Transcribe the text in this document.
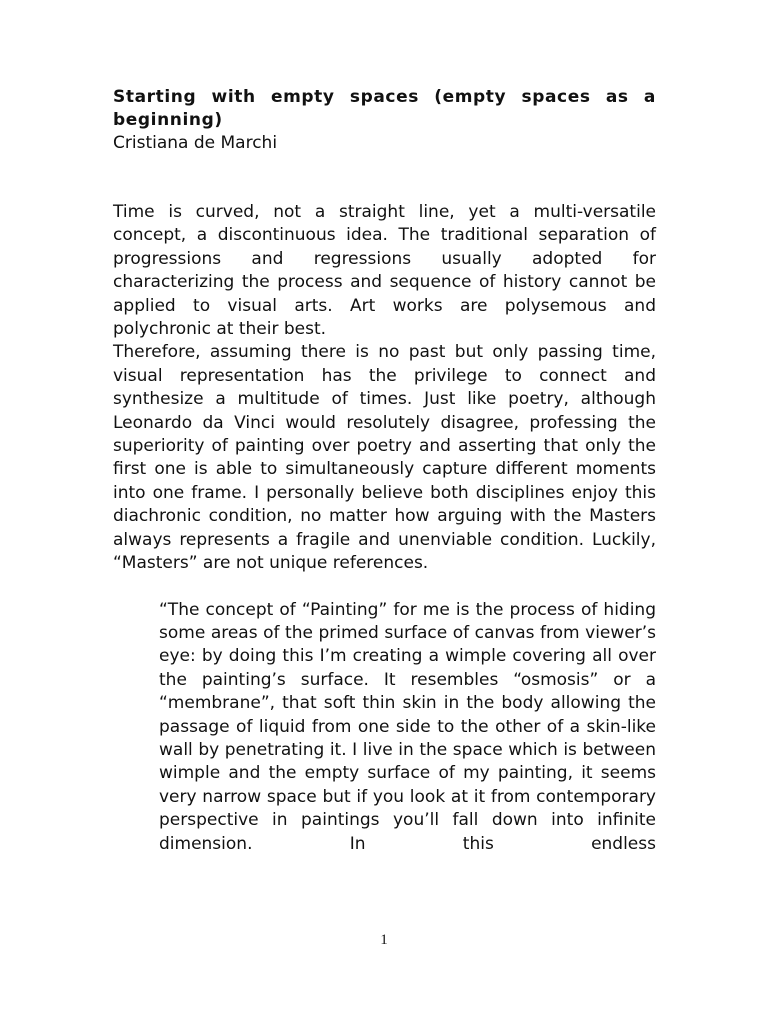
Starting with empty spaces (empty spaces as a beginning)

Cristiana de Marchi

Time is curved, not a straight line, yet a multi-versatile concept, a discontinuous idea. The traditional separation of progressions and regressions usually adopted for characterizing the process and sequence of history cannot be applied to visual arts. Art works are polysemous and polychronic at their best.

Therefore, assuming there is no past but only passing time, visual representation has the privilege to connect and synthesize a multitude of times. Just like poetry, although Leonardo da Vinci would resolutely disagree, professing the superiority of painting over poetry and asserting that only the first one is able to simultaneously capture different moments into one frame. I personally believe both disciplines enjoy this diachronic condition, no matter how arguing with the Masters always represents a fragile and unenviable condition. Luckily, “Masters” are not unique references.

“The concept of “Painting” for me is the process of hiding some areas of the primed surface of canvas from viewer’s eye: by doing this I’m creating a wimple covering all over the painting’s surface. It resembles “osmosis” or a “membrane”, that soft thin skin in the body allowing the passage of liquid from one side to the other of a skin-like wall by penetrating it. I live in the space which is between wimple and the empty surface of my painting, it seems very narrow space but if you look at it from contemporary perspective in paintings you’ll fall down into infinite dimension. In this endless

1
